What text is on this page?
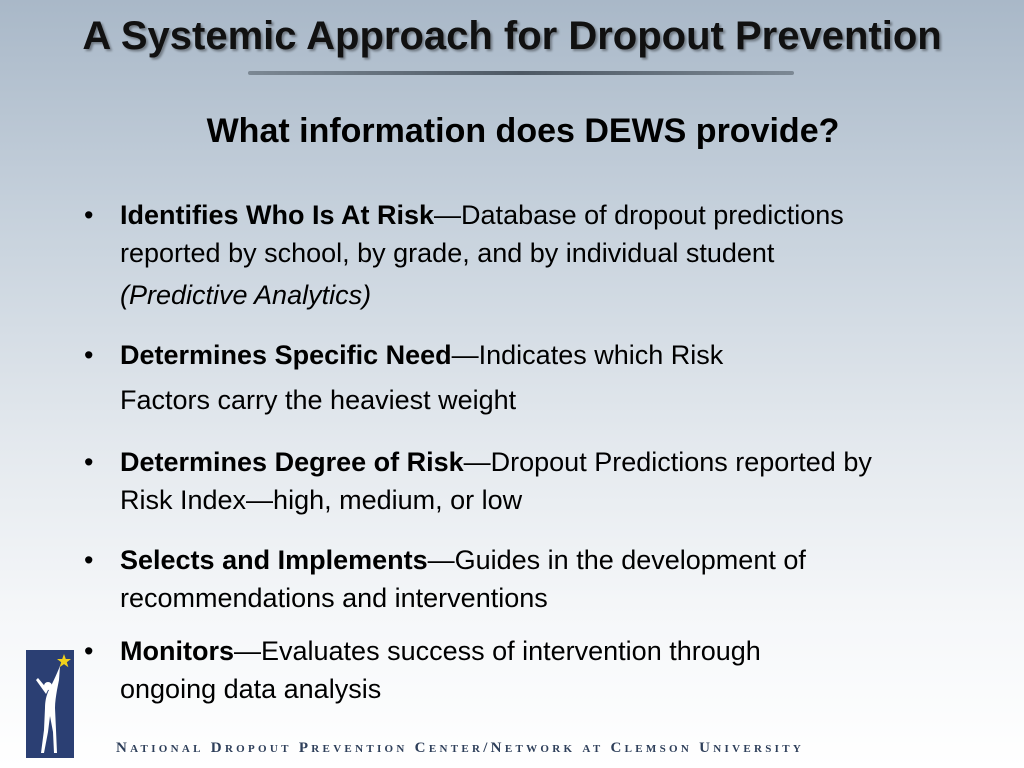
A Systemic Approach for Dropout Prevention
What information does DEWS provide?
• Identifies Who Is At Risk—Database of dropout predictions
reported by school, by grade, and by individual student
(Predictive Analytics)
• Determines Specific Need—Indicates which Risk
Factors carry the heaviest weight
• Determines Degree of Risk—Dropout Predictions reported by
Risk Index—high, medium, or low
• Selects and Implements—Guides in the development of
recommendations and interventions
• Monitors—Evaluates success of intervention through
ongoing data analysis
National Dropout Prevention Center/Network at Clemson University
